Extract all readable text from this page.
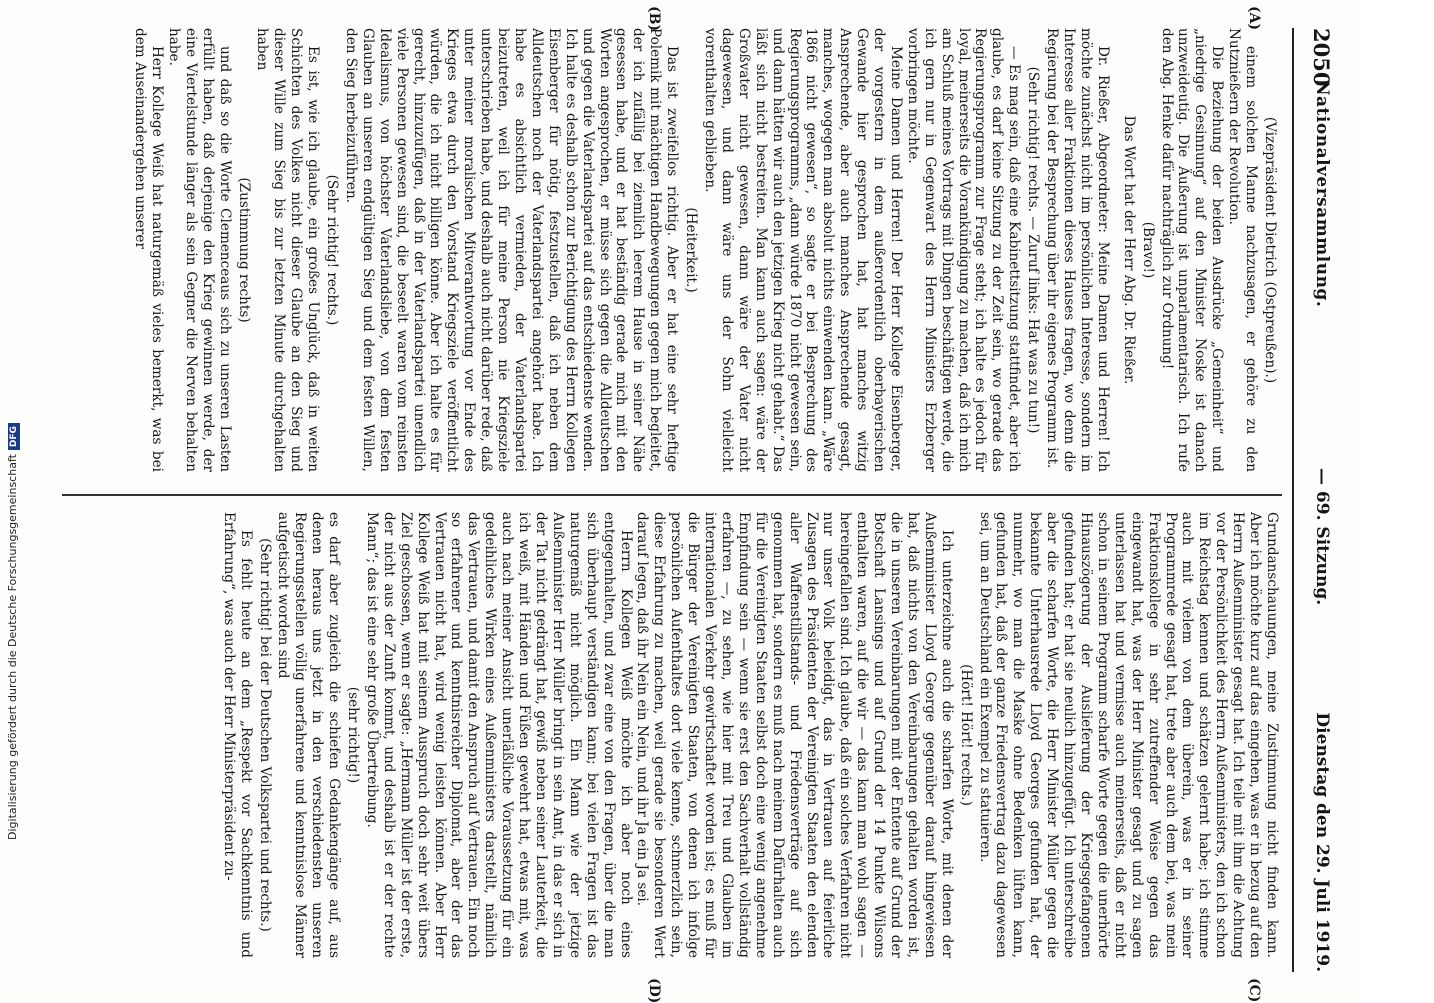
2050
Nationalversammlung.
— 69. Sitzung.
Dienstag den 29. Juli 1919.
(A)
(B)
(C)
(D)

(Vizepräsident Dietrich (Ostpreußen).)

einem solchen Manne nachzusagen, er gehöre zu den Nutznießern der Revolution.

Die Beziehung der beiden Ausdrücke „Gemeinheit“ und „niedrige Gesinnung“ auf den Minister Noske ist danach unzweideutig. Die Äußerung ist unparlamentarisch. Ich rufe den Abg. Henke dafür nachträglich zur Ordnung!

(Bravo!)

Das Wort hat der Herr Abg. Dr. Rießer.

Dr. Rießer, Abgeordneter: Meine Damen und Herren! Ich möchte zunächst nicht im persönlichen Interesse, sondern im Interesse aller Fraktionen dieses Hauses fragen, wo denn die Regierung bei der Besprechung über ihr eigenes Programm ist.

(Sehr richtig! rechts. — Zuruf links: Hat was zu tun!)

— Es mag sein, daß eine Kabinettsitzung stattfindet, aber ich glaube, es darf keine Sitzung zu der Zeit sein, wo gerade das Regierungsprogramm zur Frage steht; ich halte es jedoch für loyal, meinerseits die Vorankündigung zu machen, daß ich mich am Schluß meines Vortrags mit Dingen beschäftigen werde, die ich gern nur in Gegenwart des Herrn Ministers Erzberger vorbringen möchte.

Meine Damen und Herren! Der Herr Kollege Eisenberger, der vorgestern in dem außerordentlich oberbayerischen Gewande hier gesprochen hat, hat manches witzig Ansprechende, aber auch manches Ansprechende gesagt, manches, wogegen man absolut nichts einwenden kann. „Wäre 1866 nicht gewesen“, so sagte er bei Besprechung des Regierungsprogramms, „dann würde 1870 nicht gewesen sein, und dann hätten wir auch den jetzigen Krieg nicht gehabt.“ Das läßt sich nicht bestreiten. Man kann auch sagen: wäre der Großvater nicht gewesen, dann wäre der Vater nicht dagewesen, und dann wäre uns der Sohn vielleicht vorenthalten geblieben.

(Heiterkeit.)

Das ist zweifellos richtig. Aber er hat eine sehr heftige Polemik mit mächtigen Handbewegungen gegen mich begleitet, der ich zufällig bei ziemlich leerem Hause in seiner Nähe gesessen habe, und er hat beständig gerade mich mit den Worten angesprochen, er müsse sich gegen die Alldeutschen und gegen die Vaterlandspartei auf das entschiedenste wenden. Ich halte es deshalb schon zur Berichtigung des Herrn Kollegen Eisenberger für nötig, festzustellen, daß ich neben dem Alldeutschen noch der Vaterlandspartei angehört habe. Ich habe es absichtlich vermieden, der Vaterlandspartei beizutreten, weil ich für meine Person nie Kriegsziele unterschrieben habe, und deshalb auch nicht darüber rede, daß unter meiner moralischen Mitverantwortung vor Ende des Krieges etwa durch den Vorstand Kriegsziele veröffentlicht würden, die ich nicht billigen könne. Aber ich halte es für gerecht, hinzuzufügen, daß in der Vaterlandspartei unendlich viele Personen gewesen sind, die beseelt waren vom reinsten Idealismus, von höchster Vaterlandsliebe, von dem festen Glauben an unseren endgültigen Sieg und dem festen Willen, den Sieg herbeizuführen.

(Sehr richtig! rechts.)

Es ist, wie ich glaube, ein großes Unglück, daß in weiten Schichten des Volkes nicht dieser Glaube an den Sieg und dieser Wille zum Sieg bis zur letzten Minute durchgehalten haben

(Zustimmung rechts)

und daß so die Worte Clemenceaus sich zu unseren Lasten erfüllt haben, daß derjenige den Krieg gewinnen werde, der eine Viertelstunde länger als sein Gegner die Nerven behalten habe.

Herr Kollege Weiß hat naturgemäß vieles bemerkt, was bei dem Auseinandergehen unserer

Grundanschauungen, meine Zustimmung nicht finden kann. Aber ich möchte kurz auf das eingehen, was er in bezug auf den Herrn Außenminister gesagt hat. Ich teile mit ihm die Achtung vor der Persönlichkeit des Herrn Außenministers, den ich schon im Reichstag kennen und schätzen gelernt habe; ich stimme auch mit vielem von dem überein, was er in seiner Programmrede gesagt hat, trete aber auch dem bei, was mein Fraktionskollege in sehr zutreffender Weise gegen das eingewandt hat, was der Herr Minister gesagt und zu sagen unterlassen hat und vermisse auch meinerseits, daß er nicht schon in seinem Programm scharfe Worte gegen die unerhörte Hinauszögerung der Auslieferung der Kriegsgefangenen gefunden hat; er hat sie neulich hinzugefügt. Ich unterschreibe aber die scharfen Worte, die Herr Minister Müller gegen die bekannte Unterhausrede Lloyd Georges gefunden hat, der nunmehr, wo man die Maske ohne Bedenken lüften kann, gefunden hat, daß der ganze Friedensvertrag dazu dagewesen sei, um an Deutschland ein Exempel zu statuieren.

(Hört! Hört! rechts.)

Ich unterzeichne auch die scharfen Worte, mit denen der Außenminister Lloyd George gegenüber darauf hingewiesen hat, daß nichts von den Vereinbarungen gehalten worden ist, die in unseren Vereinbarungen mit der Entente auf Grund der Botschaft Lansings und auf Grund der 14 Punkte Wilsons enthalten waren, auf die wir — das kann man wohl sagen — hereingefallen sind. Ich glaube, daß ein solches Verfahren nicht nur unser Volk beleidigt, das in Vertrauen auf feierliche Zusagen des Präsidenten der Vereinigten Staaten den elenden aller Waffenstillstands- und Friedensverträge auf sich genommen hat, sondern es muß nach meinem Dafürhalten auch für die Vereinigten Staaten selbst doch eine wenig angenehme Empfindung sein — wenn sie erst den Sachverhalt vollständig erfahren —, zu sehen, wie hier mit Treu und Glauben im internationalen Verkehr gewirtschaftet worden ist; es muß für die Bürger der Vereinigten Staaten, von denen ich infolge persönlichen Aufenthaltes dort viele kenne, schmerzlich sein, diese Erfahrung zu machen, weil gerade sie besonderen Wert darauf legen, daß ihr Nein ein Nein, und ihr Ja ein Ja sei.

Herrn Kollegen Weiß möchte ich aber noch eines entgegenhalten, und zwar eine von den Fragen, über die man sich überhaupt verständigen kann; bei vielen Fragen ist das naturgemäß nicht möglich. Ein Mann wie der jetzige Außenminister Herr Müller bringt in sein Amt, in das er sich in der Tat nicht gedrängt hat, gewiß neben seiner Lauterkeit, die ich weiß, mit Händen und Füßen gewehrt hat, etwas mit, was auch nach meiner Ansicht unerläßliche Voraussetzung für ein gedeihliches Wirken eines Außenministers darstellt, nämlich das Vertrauen, und damit den Anspruch auf Vertrauen. Ein noch so erfahrener und kenntnisreicher Diplomat, aber der das Vertrauen nicht hat, wird wenig leisten können. Aber Herr Kollege Weiß hat mit seinem Ausspruch doch sehr weit übers Ziel geschossen, wenn er sagte: „Hermann Müller ist der erste, der nicht aus der Zunft kommt, und deshalb ist er der rechte Mann“; das ist eine sehr große Übertreibung.

(sehr richtig!)

es darf aber zugleich die schiefen Gedankengänge auf, aus denen heraus uns jetzt in den verschiedensten unseren Regierungsstellen völlig unerfahrene und kenntnislose Männer aufgetischt worden sind

(Sehr richtig! bei der Deutschen Volkspartei und rechts.)

Es fehlt heute an dem „Respekt vor Sachkenntnis und Erfahrung“, was auch der Herr Ministerpräsident zu-

Digitalisierung gefördert durch die Deutsche ForschungsgemeinschaftDFG
